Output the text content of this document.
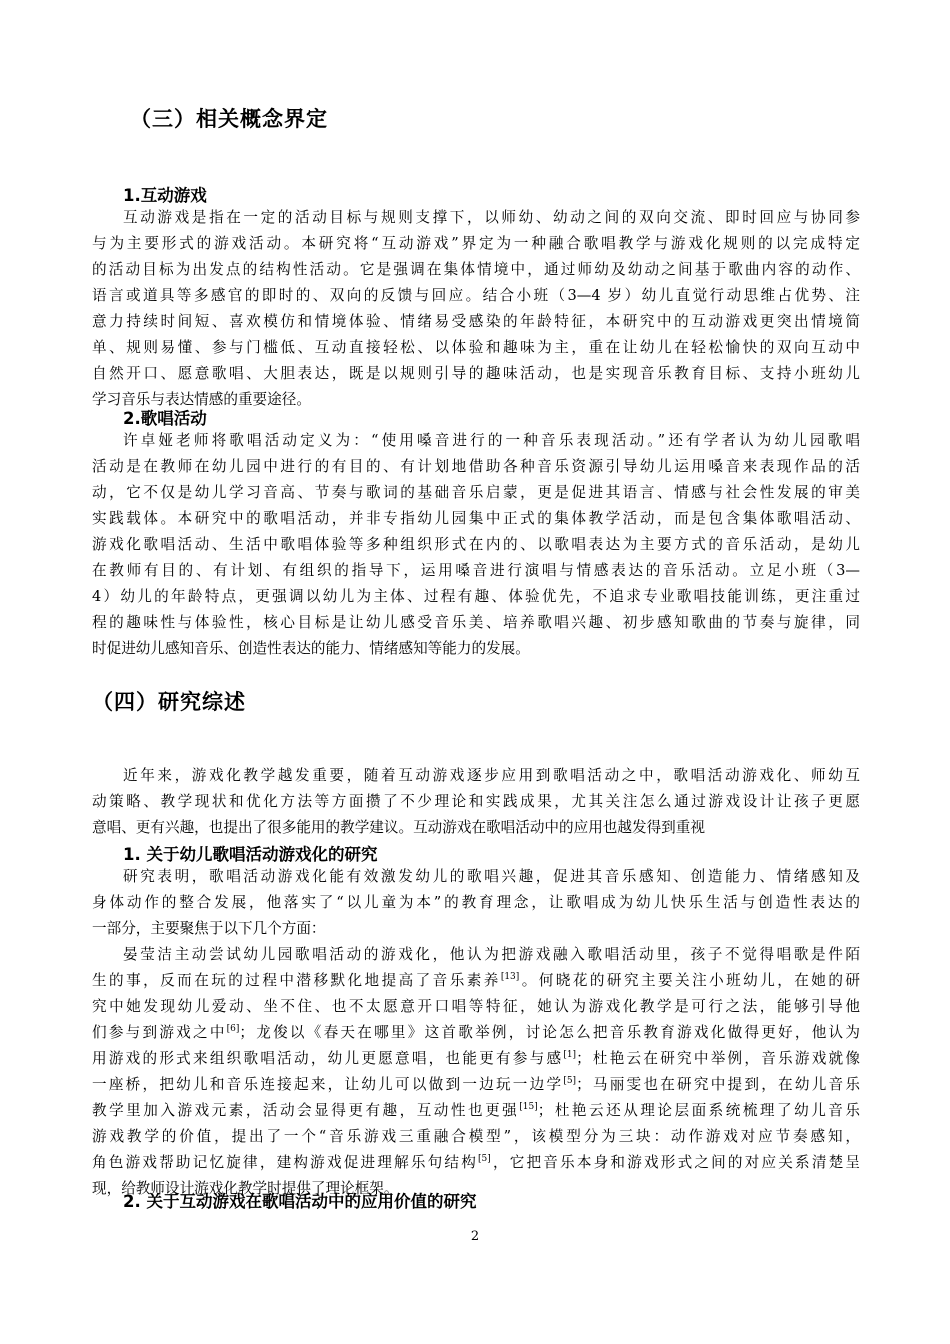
（三）相关概念界定
1.互动游戏
互动游戏是指在一定的活动目标与规则支撑下，以师幼、幼动之间的双向交流、即时回应与协同参
与为主要形式的游戏活动。本研究将“互动游戏”界定为一种融合歌唱教学与游戏化规则的以完成特定
的活动目标为出发点的结构性活动。它是强调在集体情境中，通过师幼及幼动之间基于歌曲内容的动作、
语言或道具等多感官的即时的、双向的反馈与回应。结合小班（3—4 岁）幼儿直觉行动思维占优势、注
意力持续时间短、喜欢模仿和情境体验、情绪易受感染的年龄特征，本研究中的互动游戏更突出情境简
单、规则易懂、参与门槛低、互动直接轻松、以体验和趣味为主，重在让幼儿在轻松愉快的双向互动中
自然开口、愿意歌唱、大胆表达，既是以规则引导的趣味活动，也是实现音乐教育目标、支持小班幼儿
学习音乐与表达情感的重要途径。
2.歌唱活动
许卓娅老师将歌唱活动定义为：“使用嗓音进行的一种音乐表现活动。”还有学者认为幼儿园歌唱
活动是在教师在幼儿园中进行的有目的、有计划地借助各种音乐资源引导幼儿运用嗓音来表现作品的活
动，它不仅是幼儿学习音高、节奏与歌词的基础音乐启蒙，更是促进其语言、情感与社会性发展的审美
实践载体。本研究中的歌唱活动，并非专指幼儿园集中正式的集体教学活动，而是包含集体歌唱活动、
游戏化歌唱活动、生活中歌唱体验等多种组织形式在内的、以歌唱表达为主要方式的音乐活动，是幼儿
在教师有目的、有计划、有组织的指导下，运用嗓音进行演唱与情感表达的音乐活动。立足小班（3—
4）幼儿的年龄特点，更强调以幼儿为主体、过程有趣、体验优先，不追求专业歌唱技能训练，更注重过
程的趣味性与体验性，核心目标是让幼儿感受音乐美、培养歌唱兴趣、初步感知歌曲的节奏与旋律，同
时促进幼儿感知音乐、创造性表达的能力、情绪感知等能力的发展。
（四）研究综述
近年来，游戏化教学越发重要，随着互动游戏逐步应用到歌唱活动之中，歌唱活动游戏化、师幼互
动策略、教学现状和优化方法等方面攒了不少理论和实践成果，尤其关注怎么通过游戏设计让孩子更愿
意唱、更有兴趣，也提出了很多能用的教学建议。互动游戏在歌唱活动中的应用也越发得到重视
1. 关于幼儿歌唱活动游戏化的研究
研究表明，歌唱活动游戏化能有效激发幼儿的歌唱兴趣，促进其音乐感知、创造能力、情绪感知及
身体动作的整合发展，他落实了“以儿童为本”的教育理念，让歌唱成为幼儿快乐生活与创造性表达的
一部分，主要聚焦于以下几个方面：
晏莹洁主动尝试幼儿园歌唱活动的游戏化，他认为把游戏融入歌唱活动里，孩子不觉得唱歌是件陌
生的事，反而在玩的过程中潜移默化地提高了音乐素养[13]。何晓花的研究主要关注小班幼儿，在她的研
究中她发现幼儿爱动、坐不住、也不太愿意开口唱等特征，她认为游戏化教学是可行之法，能够引导他
们参与到游戏之中[6]；龙俊以《春天在哪里》这首歌举例，讨论怎么把音乐教育游戏化做得更好，他认为
用游戏的形式来组织歌唱活动，幼儿更愿意唱，也能更有参与感[1]；杜艳云在研究中举例，音乐游戏就像
一座桥，把幼儿和音乐连接起来，让幼儿可以做到一边玩一边学[5]；马丽雯也在研究中提到，在幼儿音乐
教学里加入游戏元素，活动会显得更有趣，互动性也更强[15]；杜艳云还从理论层面系统梳理了幼儿音乐
游戏教学的价值，提出了一个“音乐游戏三重融合模型”，该模型分为三块：动作游戏对应节奏感知，
角色游戏帮助记忆旋律，建构游戏促进理解乐句结构[5]，它把音乐本身和游戏形式之间的对应关系清楚呈
现，给教师设计游戏化教学时提供了理论框架。
2. 关于互动游戏在歌唱活动中的应用价值的研究
2
